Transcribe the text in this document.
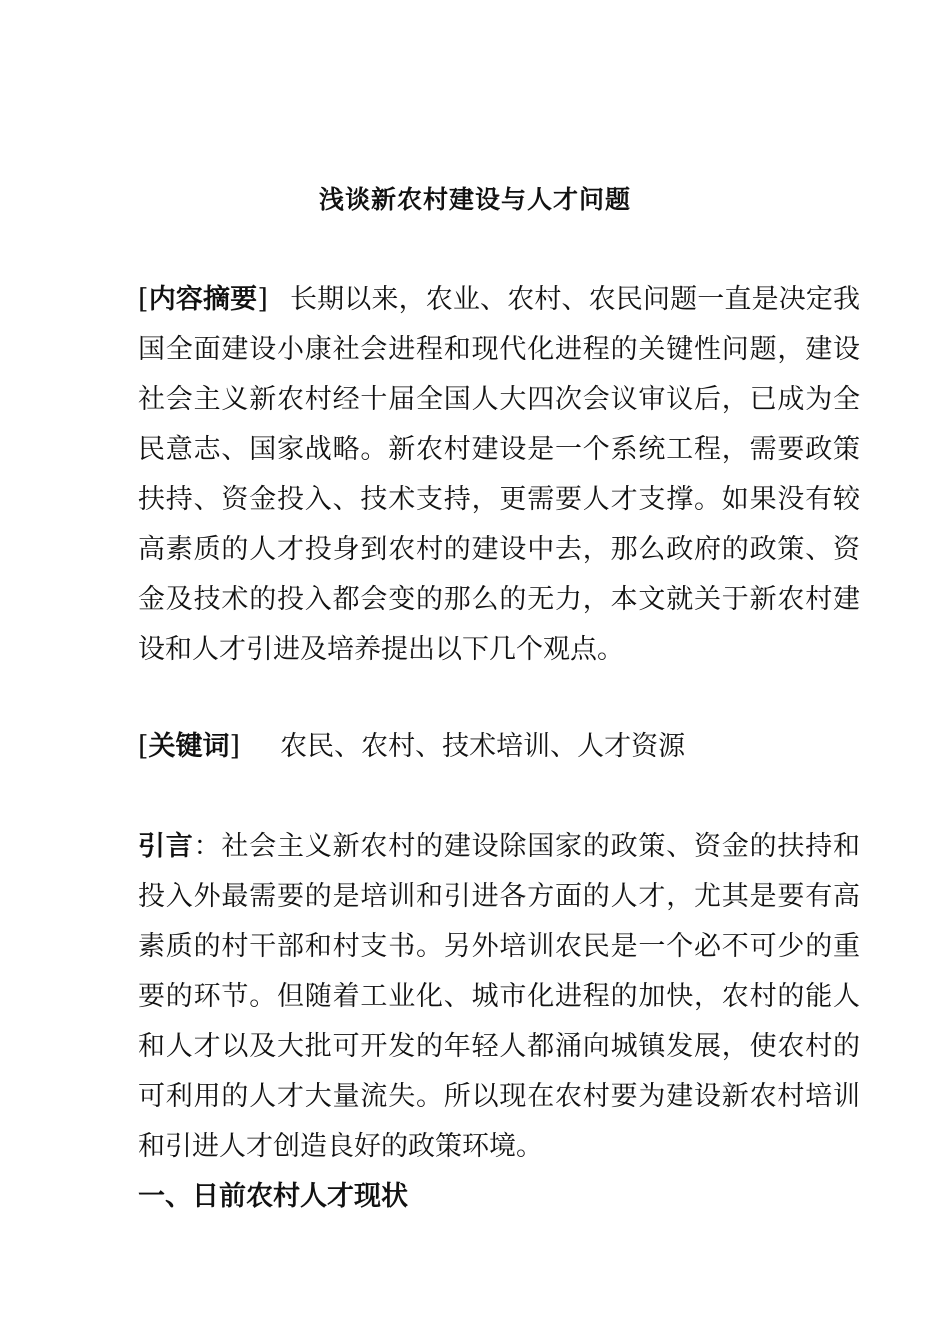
浅谈新农村建设与人才问题
[内容摘要] 长期以来，农业、农村、农民问题一直是决定我国全面建设小康社会进程和现代化进程的关键性问题，建设社会主义新农村经十届全国人大四次会议审议后，已成为全民意志、国家战略。新农村建设是一个系统工程，需要政策扶持、资金投入、技术支持，更需要人才支撑。如果没有较高素质的人才投身到农村的建设中去，那么政府的政策、资金及技术的投入都会变的那么的无力，本文就关于新农村建设和人才引进及培养提出以下几个观点。
[关键词] 农民、农村、技术培训、人才资源
引言：社会主义新农村的建设除国家的政策、资金的扶持和投入外最需要的是培训和引进各方面的人才，尤其是要有高素质的村干部和村支书。另外培训农民是一个必不可少的重要的环节。但随着工业化、城市化进程的加快，农村的能人和人才以及大批可开发的年轻人都涌向城镇发展，使农村的可利用的人才大量流失。所以现在农村要为建设新农村培训和引进人才创造良好的政策环境。
一、日前农村人才现状
